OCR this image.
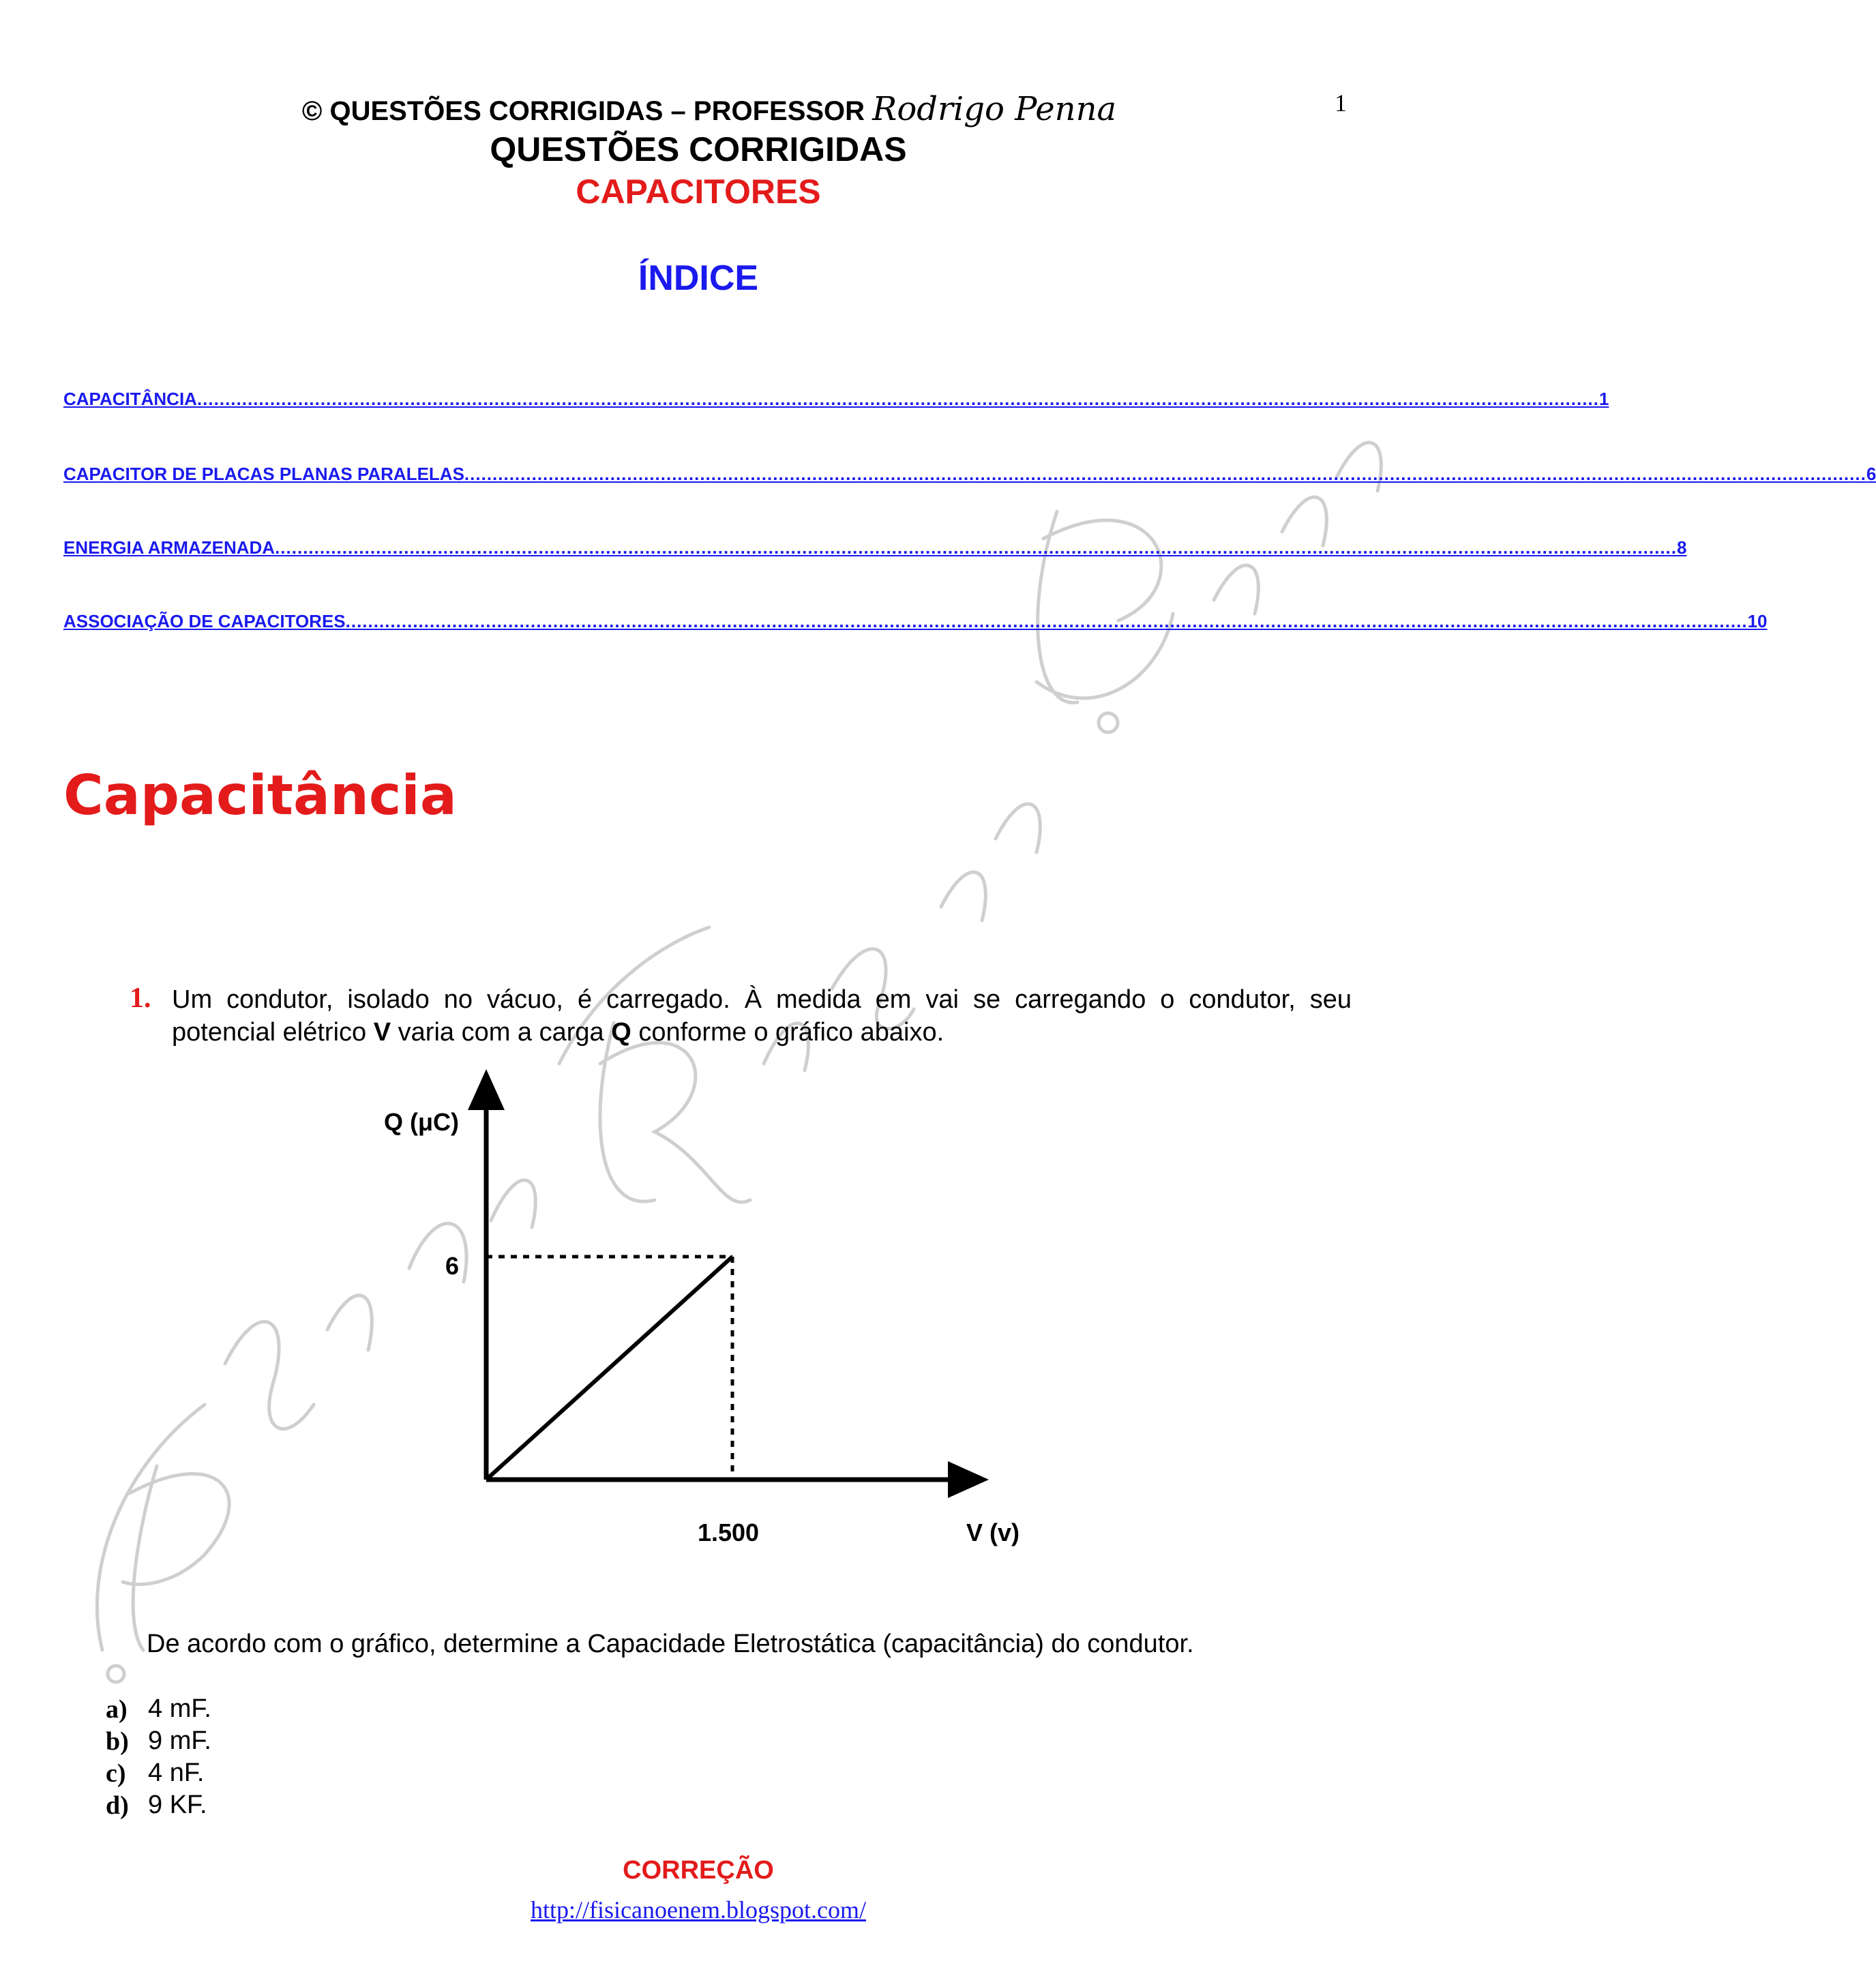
1
© QUESTÕES CORRIGIDAS – PROFESSOR Rodrigo Penna
QUESTÕES CORRIGIDAS
CAPACITORES
ÍNDICE
CAPACITÂNCIA .......................................................................................................................................................................................................................................................... 1
CAPACITOR DE PLACAS PLANAS PARALELAS .......................................................................................................................................................................................................................................................... 6
ENERGIA ARMAZENADA .......................................................................................................................................................................................................................................................... 8
ASSOCIAÇÃO DE CAPACITORES .......................................................................................................................................................................................................................................................... 10
Capacitância
1. Um condutor, isolado no vácuo, é carregado. À medida em vai se carregando o condutor, seu potencial elétrico V varia com a carga Q conforme o gráfico abaixo.
Q (μC)
6
1.500	V (v)
De acordo com o gráfico, determine a Capacidade Eletrostática (capacitância) do condutor.
a) 4 mF.
b) 9 mF.
c) 4 nF.
d) 9 KF.
CORREÇÃO
http://fisicanoenem.blogspot.com/
